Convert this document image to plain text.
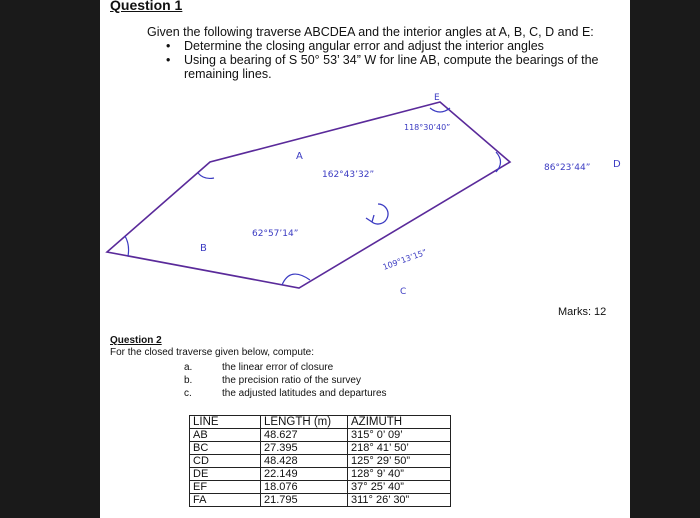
Question 1
Given the following traverse ABCDEA and the interior angles at A, B, C, D and E:
• Determine the closing angular error and adjust the interior angles
• Using a bearing of S 50° 53’ 34” W for line AB, compute the bearings of the remaining lines.
A
B
C
D
E
162°43’32”
62°57’14”
109°13’15”
86°23’44”
118°30’40”
Marks: 12
Question 2
For the closed traverse given below, compute:
a.	the linear error of closure
b.	the precision ratio of the survey
c.	the adjusted latitudes and departures
LINE	LENGTH (m)	AZIMUTH
AB	48.627	315° 0’ 09’
BC	27.395	218° 41’ 50’
CD	48.428	125° 29’ 50”
DE	22.149	128° 9’ 40”
EF	18.076	37° 25’ 40”
FA	21.795	311° 26’ 30”
